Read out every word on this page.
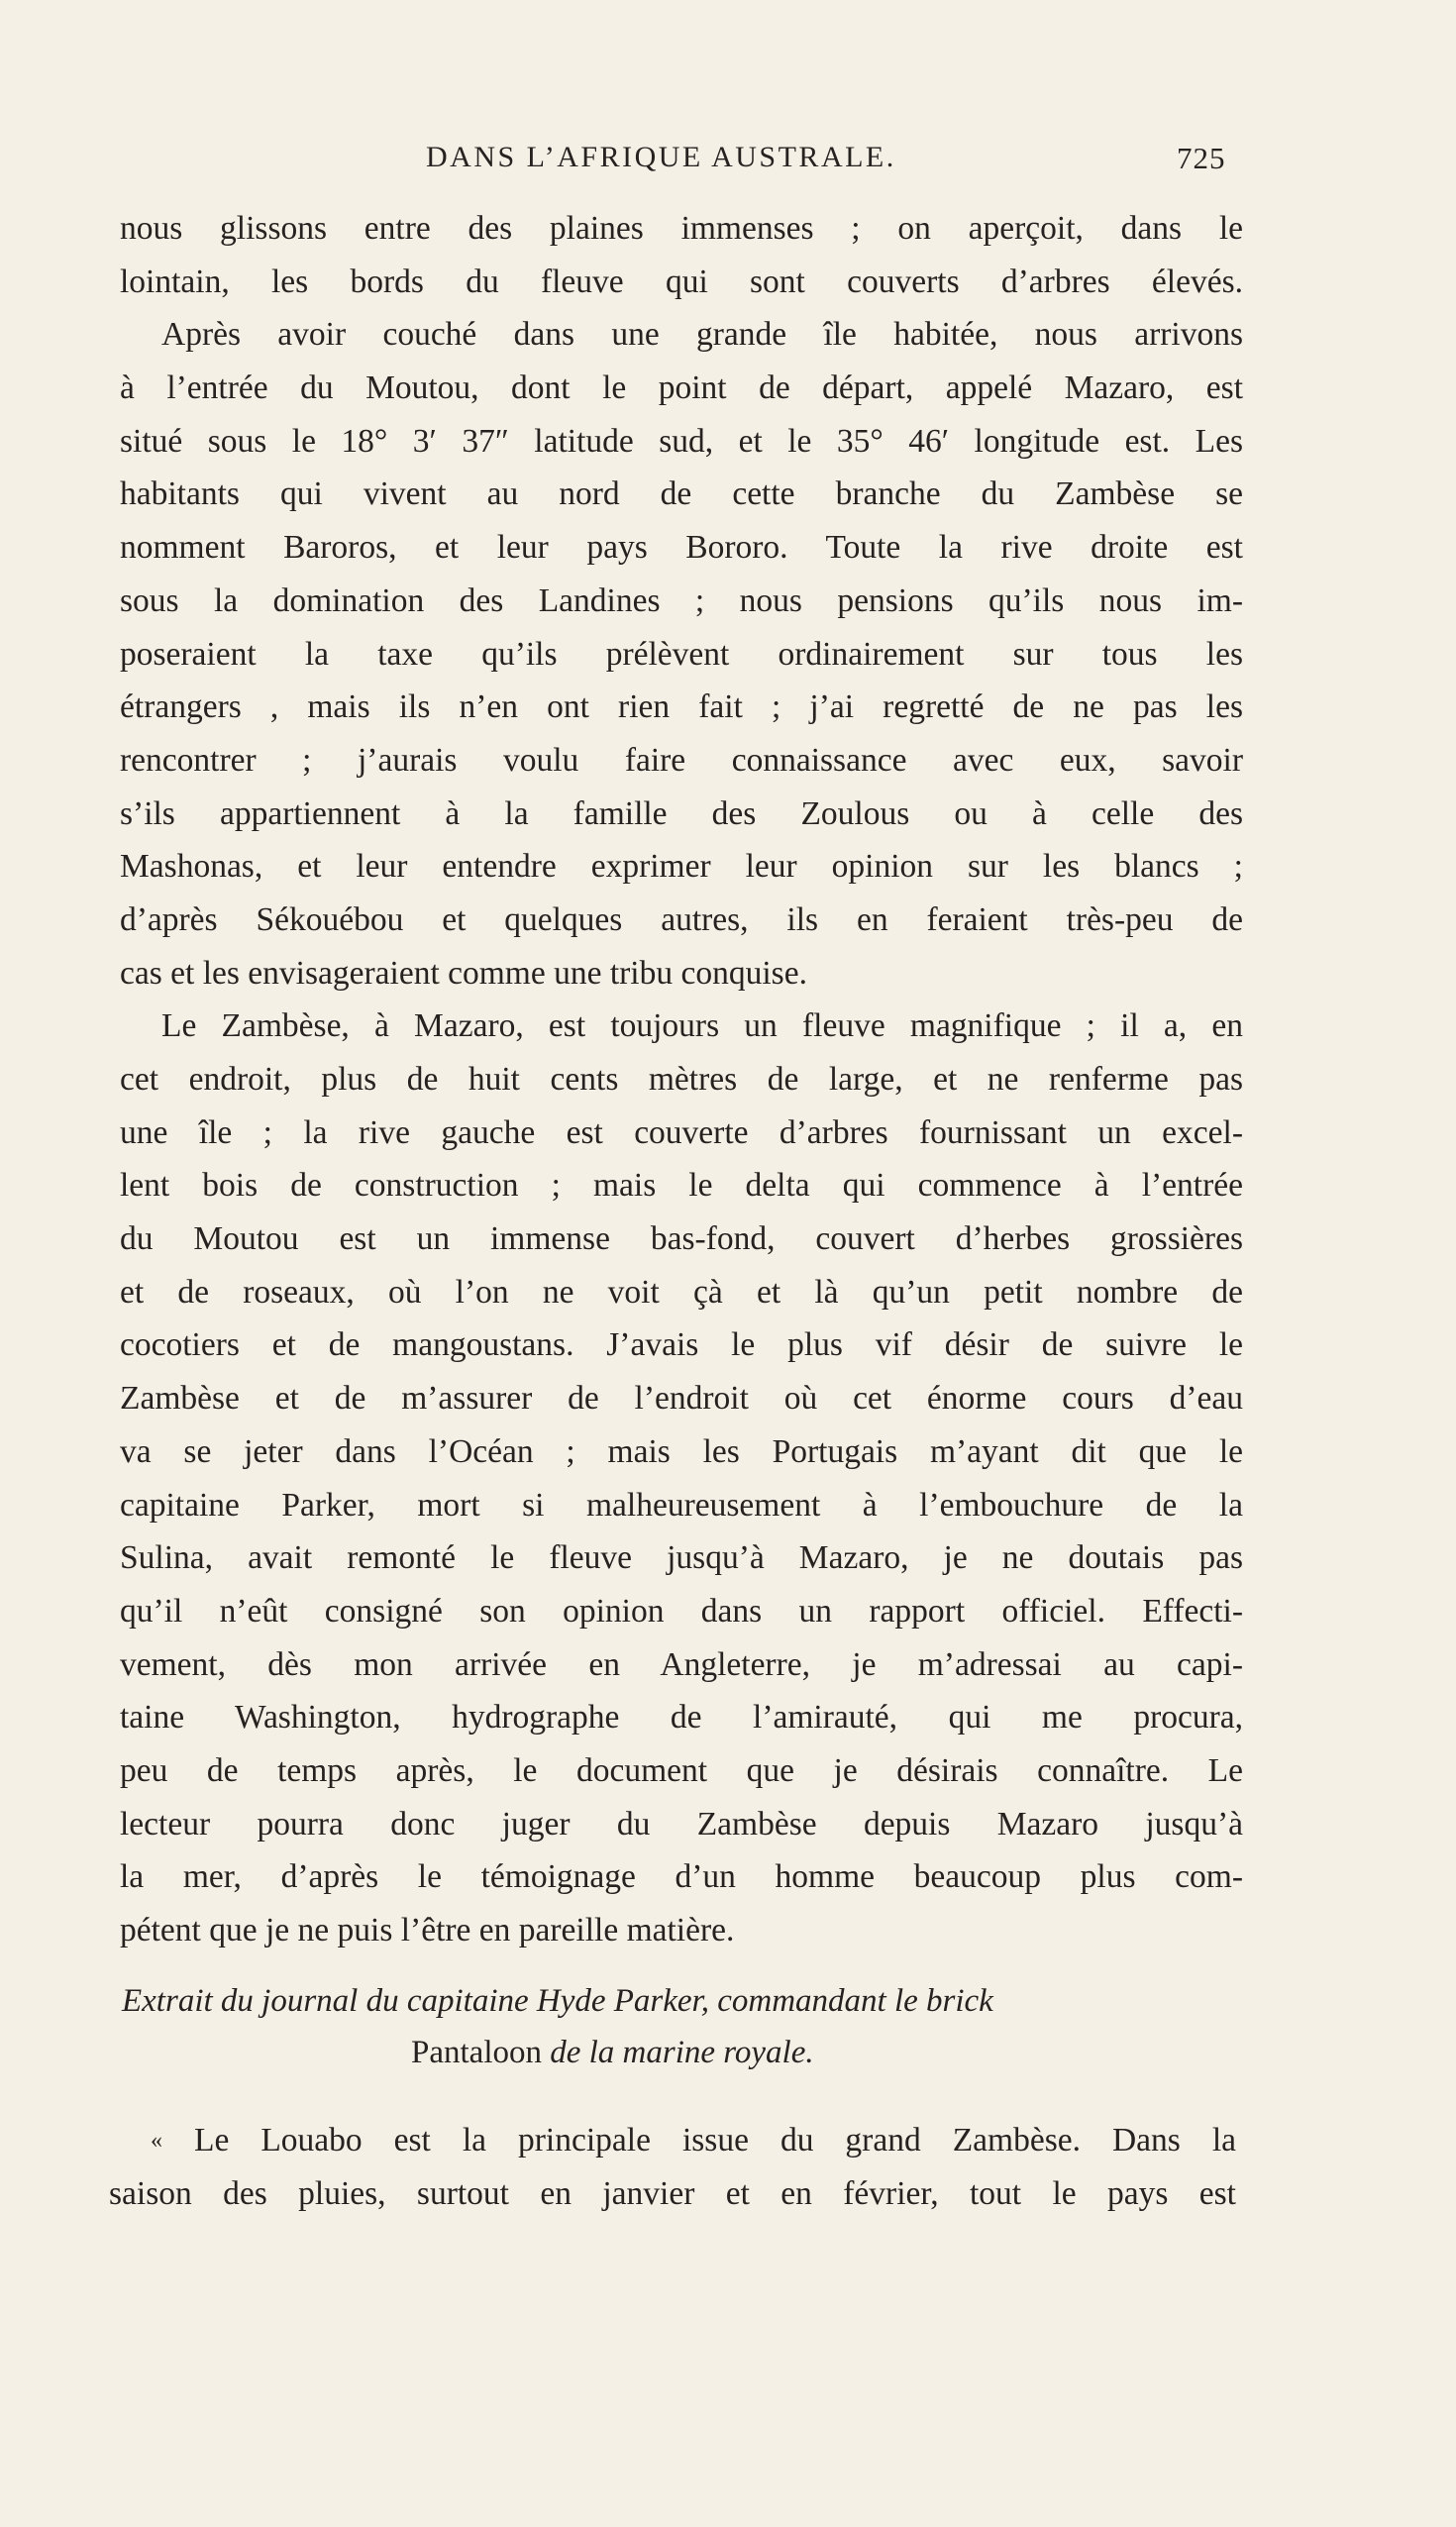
DANS L’AFRIQUE AUSTRALE.	725
nous glissons entre des plaines immenses ; on aperçoit, dans le
lointain, les bords du fleuve qui sont couverts d’arbres élevés.
Après avoir couché dans une grande île habitée, nous arrivons
à l’entrée du Moutou, dont le point de départ, appelé Mazaro, est
situé sous le 18° 3′ 37″ latitude sud, et le 35° 46′ longitude est. Les
habitants qui vivent au nord de cette branche du Zambèse se
nomment Baroros, et leur pays Bororo. Toute la rive droite est
sous la domination des Landines ; nous pensions qu’ils nous im-
poseraient la taxe qu’ils prélèvent ordinairement sur tous les
étrangers , mais ils n’en ont rien fait ; j’ai regretté de ne pas les
rencontrer ; j’aurais voulu faire connaissance avec eux, savoir
s’ils appartiennent à la famille des Zoulous ou à celle des
Mashonas, et leur entendre exprimer leur opinion sur les blancs ;
d’après Sékouébou et quelques autres, ils en feraient très-peu de
cas et les envisageraient comme une tribu conquise.
Le Zambèse, à Mazaro, est toujours un fleuve magnifique ; il a, en
cet endroit, plus de huit cents mètres de large, et ne renferme pas
une île ; la rive gauche est couverte d’arbres fournissant un excel-
lent bois de construction ; mais le delta qui commence à l’entrée
du Moutou est un immense bas-fond, couvert d’herbes grossières
et de roseaux, où l’on ne voit çà et là qu’un petit nombre de
cocotiers et de mangoustans. J’avais le plus vif désir de suivre le
Zambèse et de m’assurer de l’endroit où cet énorme cours d’eau
va se jeter dans l’Océan ; mais les Portugais m’ayant dit que le
capitaine Parker, mort si malheureusement à l’embouchure de la
Sulina, avait remonté le fleuve jusqu’à Mazaro, je ne doutais pas
qu’il n’eût consigné son opinion dans un rapport officiel. Effecti-
vement, dès mon arrivée en Angleterre, je m’adressai au capi-
taine Washington, hydrographe de l’amirauté, qui me procura,
peu de temps après, le document que je désirais connaître. Le
lecteur pourra donc juger du Zambèse depuis Mazaro jusqu’à
la mer, d’après le témoignage d’un homme beaucoup plus com-
pétent que je ne puis l’être en pareille matière.
Extrait du journal du capitaine Hyde Parker, commandant le brick
Pantaloon de la marine royale.
« Le Louabo est la principale issue du grand Zambèse. Dans la
saison des pluies, surtout en janvier et en février, tout le pays est
